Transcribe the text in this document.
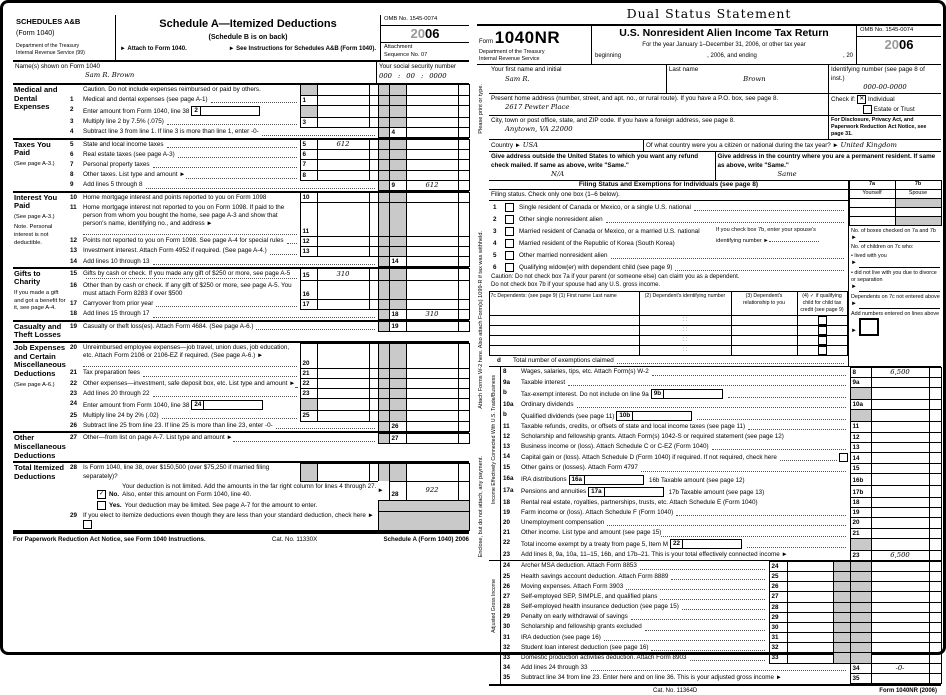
SCHEDULES A&B
(Form 1040)
Department of the Treasury
Internal Revenue Service (99)
Schedule A—Itemized Deductions
(Schedule B is on back)
► Attach to Form 1040.	► See Instructions for Schedules A&B (Form 1040).
OMB No. 1545-0074
2006
Attachment
Sequence No. 07
Name(s) shown on Form 1040
Sam R. Brown
Your social security number
000 : 00 : 0000
Medical and Dental Expenses
Caution. Do not include expenses reimbursed or paid by others.
1	Medical and dental expenses (see page A-1)	1
2	Enter amount from Form 1040, line 38 2
3	Multiply line 2 by 7.5% (.075)	3
4	Subtract line 3 from line 1. If line 3 is more than line 1, enter -0-	4
Taxes You Paid
(See page A-3.)
5	State and local income taxes	5	612
6	Real estate taxes (see page A-3)	6
7	Personal property taxes	7
8	Other taxes. List type and amount ►	8
9	Add lines 5 through 8	9	612
Interest You Paid
(See page A-3.)
Note. Personal interest is not deductible.
10 Home mortgage interest and points reported to you on Form 1098	10
11	Home mortgage interest not reported to you on Form 1098. If paid to the person from whom you bought the home, see page A-3 and show that person's name, identifying no., and address ►
11
12 Points not reported to you on Form 1098. See page A-4 for special rules	12
13 Investment interest. Attach Form 4952 if required. (See page A-4.)	13
14 Add lines 10 through 13	14
Gifts to Charity
If you made a gift and got a benefit for it, see page A-4.
15 Gifts by cash or check. If you made any gift of $250 or more, see page A-5	15	310
16 Other than by cash or check. If any gift of $250 or more, see page A-5. You must attach Form 8283 if over $500	16
17 Carryover from prior year	17
18 Add lines 15 through 17	18	310
Casualty and Theft Losses
19 Casualty or theft loss(es). Attach Form 4684. (See page A-6.)	19
Job Expenses and Certain Miscellaneous Deductions
(See page A-6.)
20 Unreimbursed employee expenses—job travel, union dues, job education, etc. Attach Form 2106 or 2106-EZ if required. (See page A-6.) ►
20
21 Tax preparation fees	21
22 Other expenses—investment, safe deposit box, etc. List type and amount ►	22
23 Add lines 20 through 22	23
24 Enter amount from Form 1040, line 38 24
25 Multiply line 24 by 2% (.02)	25
26 Subtract line 25 from line 23. If line 25 is more than line 23, enter -0-	26
Other Miscellaneous Deductions
27 Other—from list on page A-7. List type and amount ►	27
Total Itemized Deductions
28 Is Form 1040, line 38, over $150,500 (over $75,250 if married filing separately)?
✓ No.
Your deduction is not limited. Add the amounts in the far right column for lines 4 through 27. Also, enter this amount on Form 1040, line 40.
►
28
922
Yes. Your deduction may be limited. See page A-7 for the amount to enter.
29 If you elect to itemize deductions even though they are less than your standard deduction, check here ►
For Paperwork Reduction Act Notice, see Form 1040 Instructions.	Cat. No. 11330X	Schedule A (Form 1040) 2006
Dual Status Statement
Please print or type.
Attach Forms W-2 here. Also attach Form(s) 1099-R if tax was withheld.
Enclose, but do not attach, any payment.
Form 1040NR
Department of the Treasury
Internal Revenue Service
U.S. Nonresident Alien Income Tax Return
For the year January 1–December 31, 2006, or other tax year
beginning	, 2006, and ending	, 20
OMB No. 1545-0074
2006
Your first name and initial
Sam R.
Last name
Brown
Identifying number (see page 8 of inst.)
000-00-0000
Present home address (number, street, and apt. no., or rural route). If you have a P.O. box, see page 8.
2617 Pewter Place
Check if: ✕ Individual
Estate or Trust
City, town or post office, state, and ZIP code. If you have a foreign address, see page 8.
Anytown, VA 22000
For Disclosure, Privacy Act, and Paperwork Reduction Act Notice, see page 31.
Country ► USA	Of what country were you a citizen or national during the tax year? ► United Kingdom
Give address outside the United States to which you want any refund check mailed. If same as above, write "Same."
N/A
Give address in the country where you are a permanent resident. If same as above, write "Same."
Same
Filing Status and Exemptions for Individuals (see page 8)
Filing status. Check only one box (1–6 below).
1	Single resident of Canada or Mexico, or a single U.S. national
2	Other single nonresident alien
3	Married resident of Canada or Mexico, or a married U.S. national
4	Married resident of the Republic of Korea (South Korea)
If you check box 7b, enter your spouse's
identifying number ►
5	Other married nonresident alien
6	Qualifying widow(er) with dependent child (see page 9)
Caution: Do not check box 7a if your parent (or someone else) can claim you as a dependent.
Do not check box 7b if your spouse had any U.S. gross income.
7c Dependents: (see page 9) (1) First name Last name	(2) Dependent's identifying number	(3) Dependent's relationship to you
(4) ✓ if qualifying child for child tax credit (see page 9)
: :
: :
: :
: :
d	Total number of exemptions claimed
7a	7b
Yourself	Spouse
No. of boxes checked on 7a and 7b
►
No. of children on 7c who:
• lived with you
►
• did not live with you due to divorce or separation
►
Dependents on 7c not entered above
►
Add numbers entered on lines above
►
Income Effectively Connected With U.S. Trade/Business
8	Wages, salaries, tips, etc. Attach Form(s) W-2	8	6,500
9a	Taxable interest	9a
b	Tax-exempt interest. Do not include on line 9a 9b
10a	Ordinary dividends	10a
b	Qualified dividends (see page 11) 10b
11	Taxable refunds, credits, or offsets of state and local income taxes (see page 11)	11
12	Scholarship and fellowship grants. Attach Form(s) 1042-S or required statement (see page 12)	12
13	Business income or (loss). Attach Schedule C or C-EZ (Form 1040)	13
14	Capital gain or (loss). Attach Schedule D (Form 1040) if required. If not required, check here	14
15	Other gains or (losses). Attach Form 4797	15
16a	IRA distributions 16a	16b Taxable amount (see page 12)	16b
17a	Pensions and annuities 17a	17b Taxable amount (see page 13)	17b
18	Rental real estate, royalties, partnerships, trusts, etc. Attach Schedule E (Form 1040)	18
19	Farm income or (loss). Attach Schedule F (Form 1040)	19
20	Unemployment compensation	20
21	Other income. List type and amount (see page 15)	21
22	Total income exempt by a treaty from page 5, Item M 22
23	Add lines 8, 9a, 10a, 11–15, 16b, and 17b–21. This is your total effectively connected income ►	23	6,500
Adjusted Gross Income
24	Archer MSA deduction. Attach Form 8853	24
25	Health savings account deduction. Attach Form 8889	25
26	Moving expenses. Attach Form 3903	26
27	Self-employed SEP, SIMPLE, and qualified plans	27
28	Self-employed health insurance deduction (see page 15)	28
29	Penalty on early withdrawal of savings	29
30	Scholarship and fellowship grants excluded	30
31	IRA deduction (see page 16)	31
32	Student loan interest deduction (see page 16)	32
33	Domestic production activities deduction. Attach Form 8903	33
34	Add lines 24 through 33	34	-0-
35	Subtract line 34 from line 23. Enter here and on line 36. This is your adjusted gross income ►	35
Cat. No. 11364D	Form 1040NR (2006)
